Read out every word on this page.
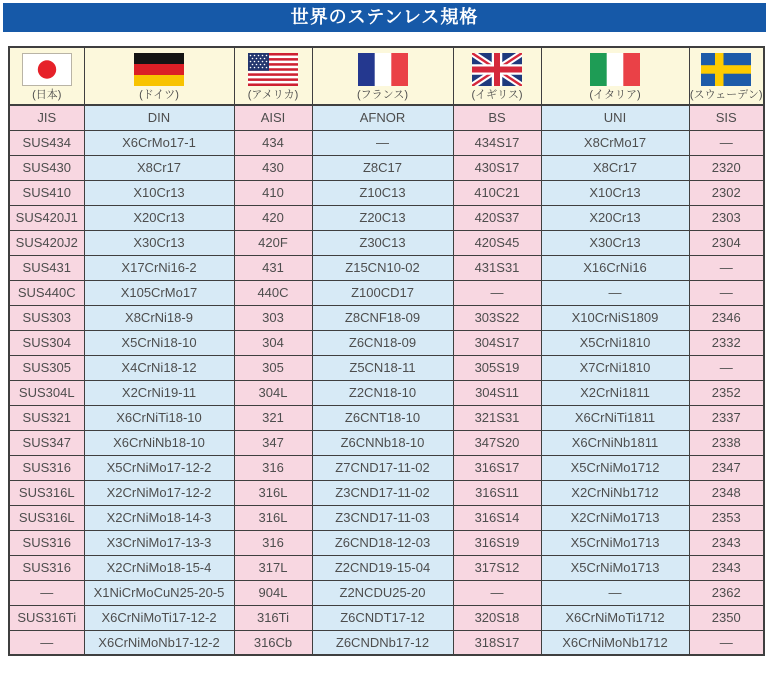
世界のステンレス規格
(日本)	(ドイツ)	(アメリカ)	(フランス)	(イギリス)	(イタリア)	(スウェーデン)

JIS	DIN	AISI	AFNOR	BS	UNI	SIS
SUS434	X6CrMo17-1	434	―	434S17	X8CrMo17	―
SUS430	X8Cr17	430	Z8C17	430S17	X8Cr17	2320
SUS410	X10Cr13	410	Z10C13	410C21	X10Cr13	2302
SUS420J1	X20Cr13	420	Z20C13	420S37	X20Cr13	2303
SUS420J2	X30Cr13	420F	Z30C13	420S45	X30Cr13	2304
SUS431	X17CrNi16-2	431	Z15CN10-02	431S31	X16CrNi16	―
SUS440C	X105CrMo17	440C	Z100CD17	―	―	―
SUS303	X8CrNi18-9	303	Z8CNF18-09	303S22	X10CrNiS1809	2346
SUS304	X5CrNi18-10	304	Z6CN18-09	304S17	X5CrNi1810	2332
SUS305	X4CrNi18-12	305	Z5CN18-11	305S19	X7CrNi1810	―
SUS304L	X2CrNi19-11	304L	Z2CN18-10	304S11	X2CrNi1811	2352
SUS321	X6CrNiTi18-10	321	Z6CNT18-10	321S31	X6CrNiTi1811	2337
SUS347	X6CrNiNb18-10	347	Z6CNNb18-10	347S20	X6CrNiNb1811	2338
SUS316	X5CrNiMo17-12-2	316	Z7CND17-11-02	316S17	X5CrNiMo1712	2347
SUS316L	X2CrNiMo17-12-2	316L	Z3CND17-11-02	316S11	X2CrNiNb1712	2348
SUS316L	X2CrNiMo18-14-3	316L	Z3CND17-11-03	316S14	X2CrNiMo1713	2353
SUS316	X3CrNiMo17-13-3	316	Z6CND18-12-03	316S19	X5CrNiMo1713	2343
SUS316	X2CrNiMo18-15-4	317L	Z2CND19-15-04	317S12	X5CrNiMo1713	2343
―	X1NiCrMoCuN25-20-5	904L	Z2NCDU25-20	―	―	2362
SUS316Ti	X6CrNiMoTi17-12-2	316Ti	Z6CNDT17-12	320S18	X6CrNiMoTi1712	2350
―	X6CrNiMoNb17-12-2	316Cb	Z6CNDNb17-12	318S17	X6CrNiMoNb1712	―
